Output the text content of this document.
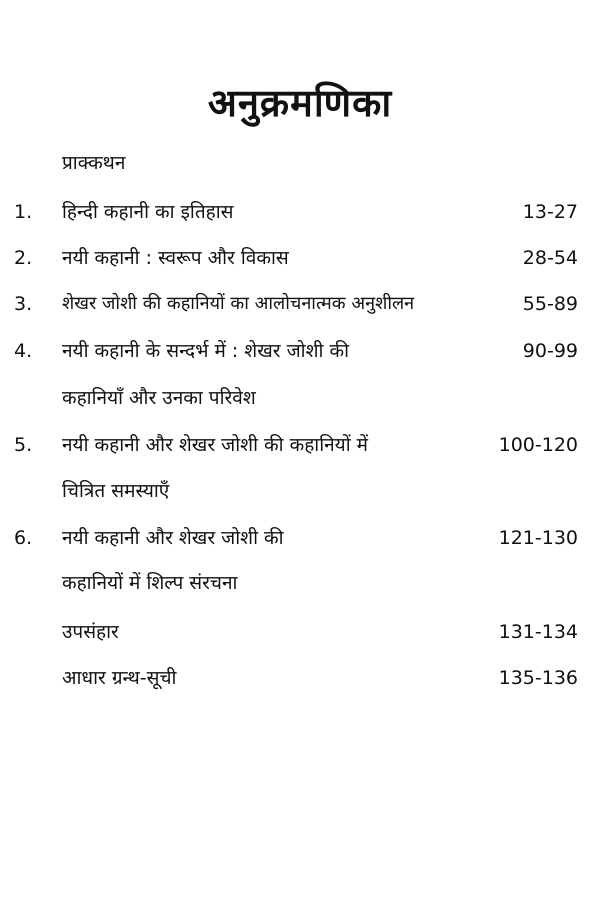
अनुक्रमणिका
प्राक्कथन
1. हिन्दी कहानी का इतिहास	13-27
2. नयी कहानी : स्वरूप और विकास	28-54
3. शेखर जोशी की कहानियों का आलोचनात्मक अनुशीलन	55-89
4. नयी कहानी के सन्दर्भ में : शेखर जोशी की	90-99
कहानियाँ और उनका परिवेश
5. नयी कहानी और शेखर जोशी की कहानियों में	100-120
चित्रित समस्याएँ
6. नयी कहानी और शेखर जोशी की	121-130
कहानियों में शिल्प संरचना
उपसंहार	131-134
आधार ग्रन्थ-सूची	135-136
